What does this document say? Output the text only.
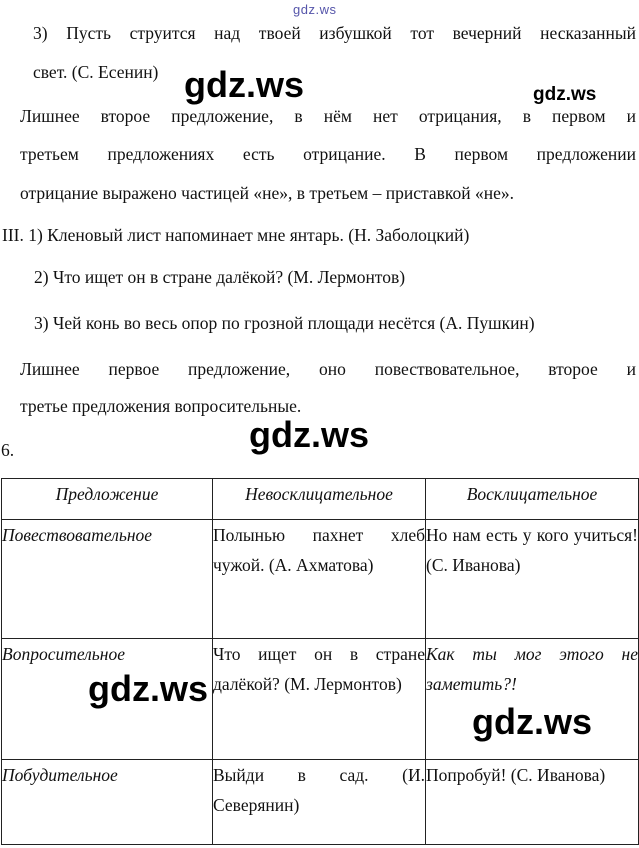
gdz.ws
3) Пусть струится над твоей избушкой тот вечерний несказанный
свет. (С. Есенин) gdz.ws	gdz.ws
Лишнее второе предложение, в нём нет отрицания, в первом и
третьем предложениях есть отрицание. В первом предложении
отрицание выражено частицей «не», в третьем – приставкой «не».
III. 1) Кленовый лист напоминает мне янтарь. (Н. Заболоцкий)
2) Что ищет он в стране далёкой? (М. Лермонтов)
3) Чей конь во весь опор по грозной площади несётся (А. Пушкин)
Лишнее первое предложение, оно повествовательное, второе и
третье предложения вопросительные.
gdz.ws
6.
Предложение	Невосклицательное	Восклицательное
Повествовательное	Полынью пахнет хлеб чужой. (А. Ахматова)	Но нам есть у кого учиться! (С. Иванова)
Вопросительное	Что ищет он в стране далёкой? (М. Лермонтов)	Как ты мог этого не заметить?!
Побудительное	Выйди в сад. (И. Северянин)	Попробуй! (С. Иванова)
gdz.ws
gdz.ws
